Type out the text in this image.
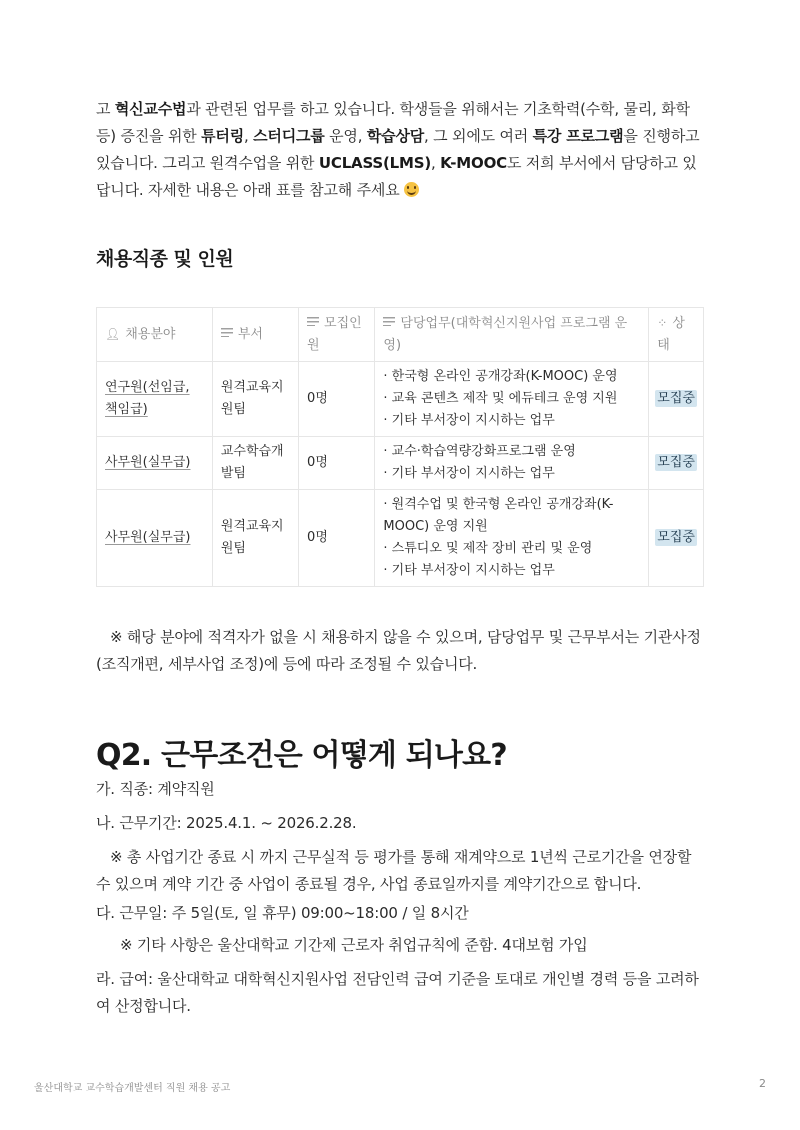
고 혁신교수법과 관련된 업무를 하고 있습니다. 학생들을 위해서는 기초학력(수학, 물리, 화학 등) 증진을 위한 튜터링, 스터디그룹 운영, 학습상담, 그 외에도 여러 특강 프로그램을 진행하고 있습니다. 그리고 원격수업을 위한 UCLASS(LMS), K-MOOC도 저희 부서에서 담당하고 있답니다. 자세한 내용은 아래 표를 참고해 주세요

채용직종 및 인원
👤︎ 채용분야	부서	모집인원	담당업무(대학혁신지원사업 프로그램 운영)	⁘ 상태
연구원(선임급, 책임급)	원격교육지원팀	0명	· 한국형 온라인 공개강좌(K-MOOC) 운영
· 교육 콘텐츠 제작 및 에듀테크 운영 지원
· 기타 부서장이 지시하는 업무	모집중
사무원(실무급)	교수학습개발팀	0명	· 교수·학습역량강화프로그램 운영
· 기타 부서장이 지시하는 업무	모집중
사무원(실무급)	원격교육지원팀	0명	· 원격수업 및 한국형 온라인 공개강좌(K-MOOC) 운영 지원
· 스튜디오 및 제작 장비 관리 및 운영
· 기타 부서장이 지시하는 업무	모집중

※ 해당 분야에 적격자가 없을 시 채용하지 않을 수 있으며, 담당업무 및 근무부서는 기관사정(조직개편, 세부사업 조정)에 등에 따라 조정될 수 있습니다.

Q2. 근무조건은 어떻게 되나요?

가. 직종: 계약직원

나. 근무기간: 2025.4.1. ~ 2026.2.28.

※ 총 사업기간 종료 시 까지 근무실적 등 평가를 통해 재계약으로 1년씩 근로기간을 연장할 수 있으며 계약 기간 중 사업이 종료될 경우, 사업 종료일까지를 계약기간으로 합니다.

다. 근무일: 주 5일(토, 일 휴무) 09:00~18:00 / 일 8시간

※ 기타 사항은 울산대학교 기간제 근로자 취업규칙에 준함. 4대보험 가입

라. 급여: 울산대학교 대학혁신지원사업 전담인력 급여 기준을 토대로 개인별 경력 등을 고려하여 산정합니다.

울산대학교 교수학습개발센터 직원 채용 공고	2
